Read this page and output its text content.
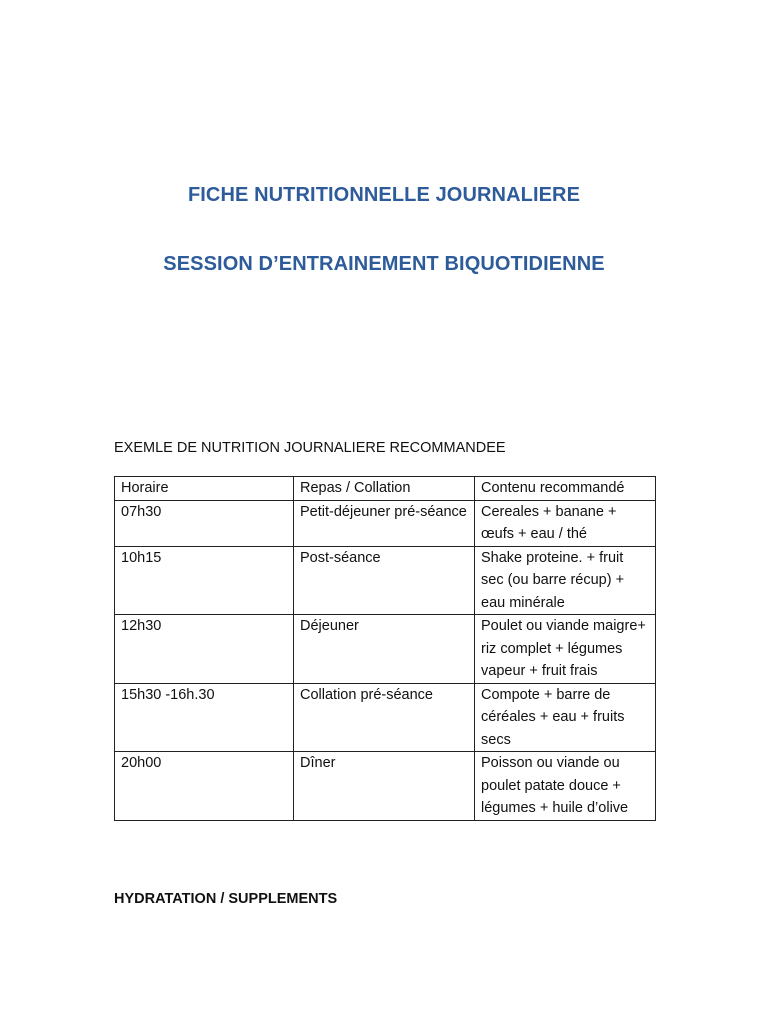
FICHE NUTRITIONNELLE JOURNALIERE
SESSION D’ENTRAINEMENT BIQUOTIDIENNE
EXEMLE DE NUTRITION JOURNALIERE RECOMMANDEE
Horaire	Repas / Collation	Contenu recommandé
07h30	Petit-déjeuner pré-séance	Cereales + banane + œufs + eau / thé
10h15	Post-séance	Shake proteine. + fruit sec (ou barre récup) + eau minérale
12h30	Déjeuner	Poulet ou viande maigre+ riz complet + légumes vapeur + fruit frais
15h30 -16h.30	Collation pré-séance	Compote + barre de céréales + eau + fruits secs
20h00	Dîner	Poisson ou viande ou poulet patate douce + légumes + huile d’olive
HYDRATATION / SUPPLEMENTS
